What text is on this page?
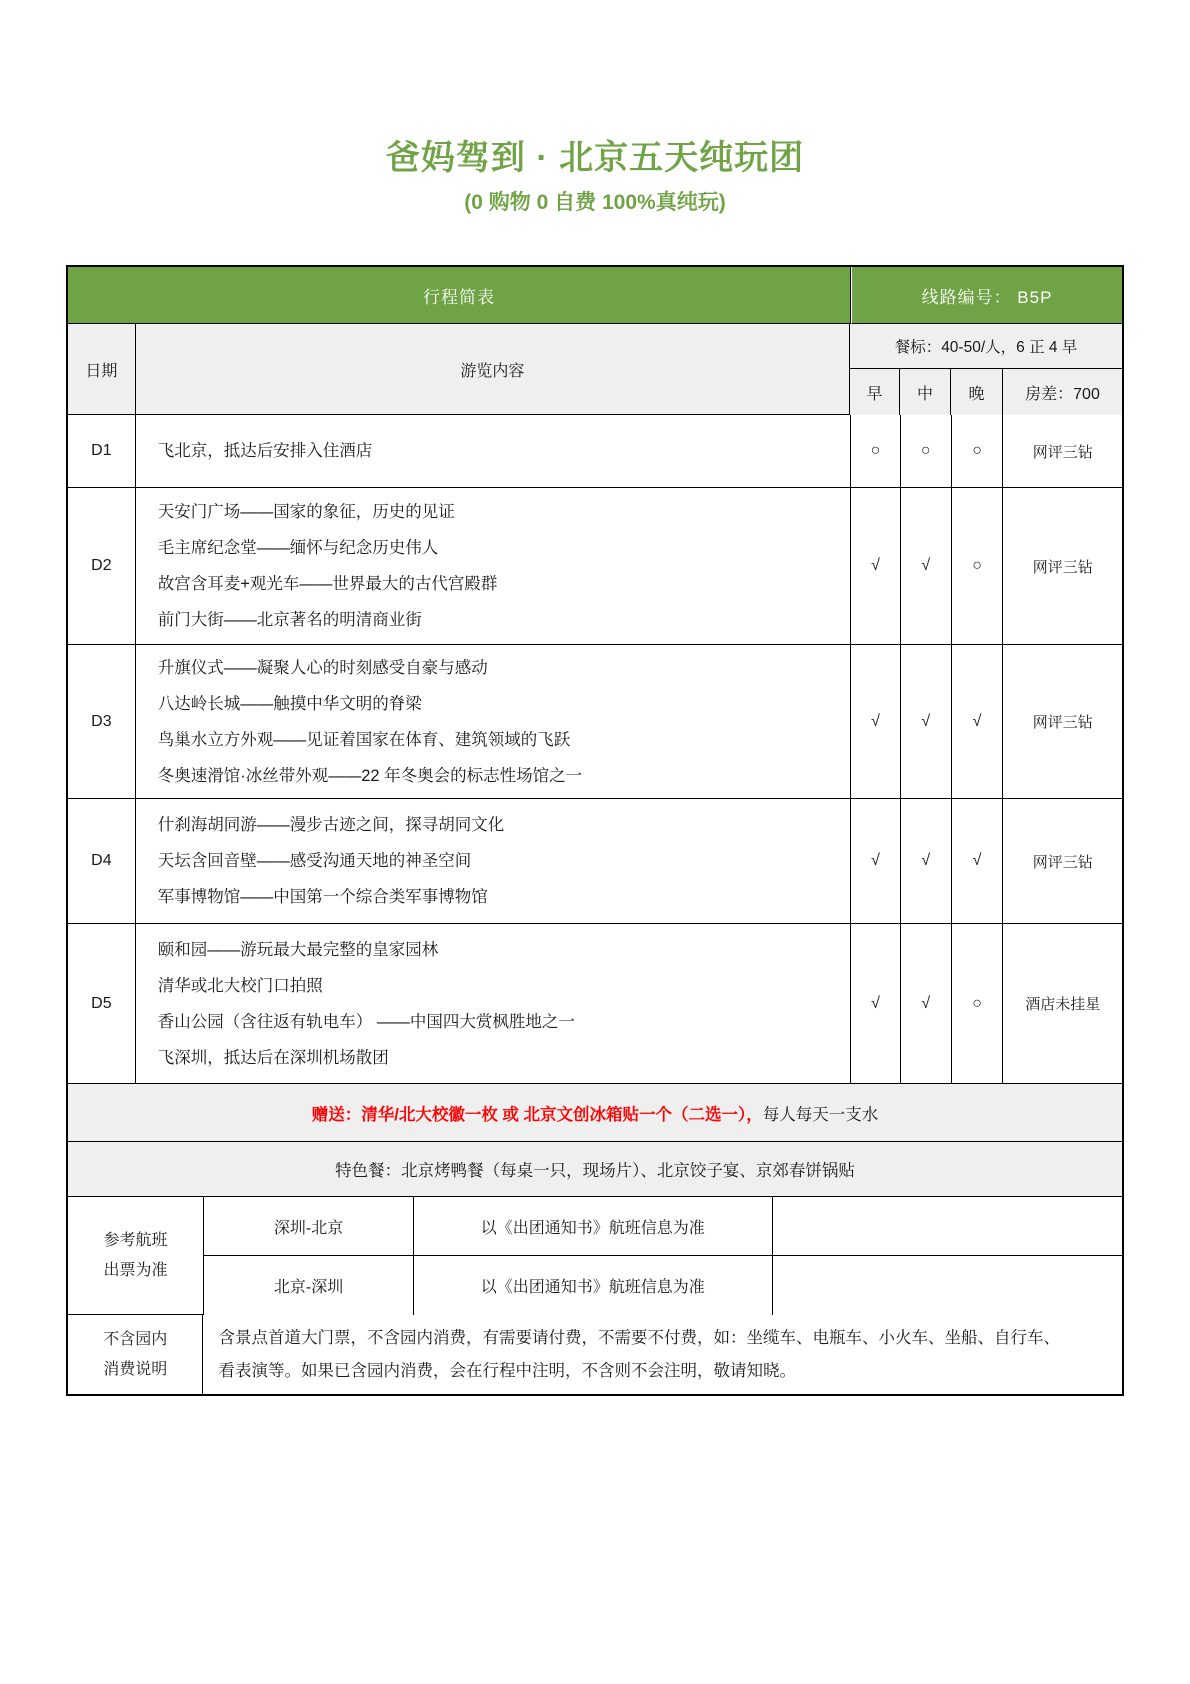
爸妈驾到 · 北京五天纯玩团
(0 购物 0 自费 100%真纯玩)
行程简表	线路编号： B5P
日期	游览内容
餐标：40-50/人，6 正 4 早
早	中	晚	房差：700
D1	飞北京，抵达后安排入住酒店	○	○	○	网评三钻
D2
天安门广场——国家的象征，历史的见证
毛主席纪念堂——缅怀与纪念历史伟人
故宫含耳麦+观光车——世界最大的古代宫殿群
前门大街——北京著名的明清商业街
√	√	○	网评三钻
D3
升旗仪式——凝聚人心的时刻感受自豪与感动
八达岭长城——触摸中华文明的脊梁
鸟巢水立方外观——见证着国家在体育、建筑领域的飞跃
冬奥速滑馆·冰丝带外观——22 年冬奥会的标志性场馆之一
√	√	√	网评三钻
D4
什刹海胡同游——漫步古迹之间，探寻胡同文化
天坛含回音壁——感受沟通天地的神圣空间
军事博物馆——中国第一个综合类军事博物馆
√	√	√	网评三钻
D5
颐和园——游玩最大最完整的皇家园林
清华或北大校门口拍照
香山公园（含往返有轨电车） ——中国四大赏枫胜地之一
飞深圳，抵达后在深圳机场散团
√	√	○	酒店未挂星
赠送：清华/北大校徽一枚 或 北京文创冰箱贴一个（二选一）， 每人每天一支水
特色餐：北京烤鸭餐（每桌一只，现场片）、北京饺子宴、京郊春饼锅贴
参考航班
出票为准
深圳-北京	以《出团通知书》航班信息为准
北京-深圳	以《出团通知书》航班信息为准
不含园内
消费说明
含景点首道大门票，不含园内消费，有需要请付费，不需要不付费，如：坐缆车、电瓶车、小火车、坐船、自行车、
看表演等。如果已含园内消费，会在行程中注明，不含则不会注明，敬请知晓。
